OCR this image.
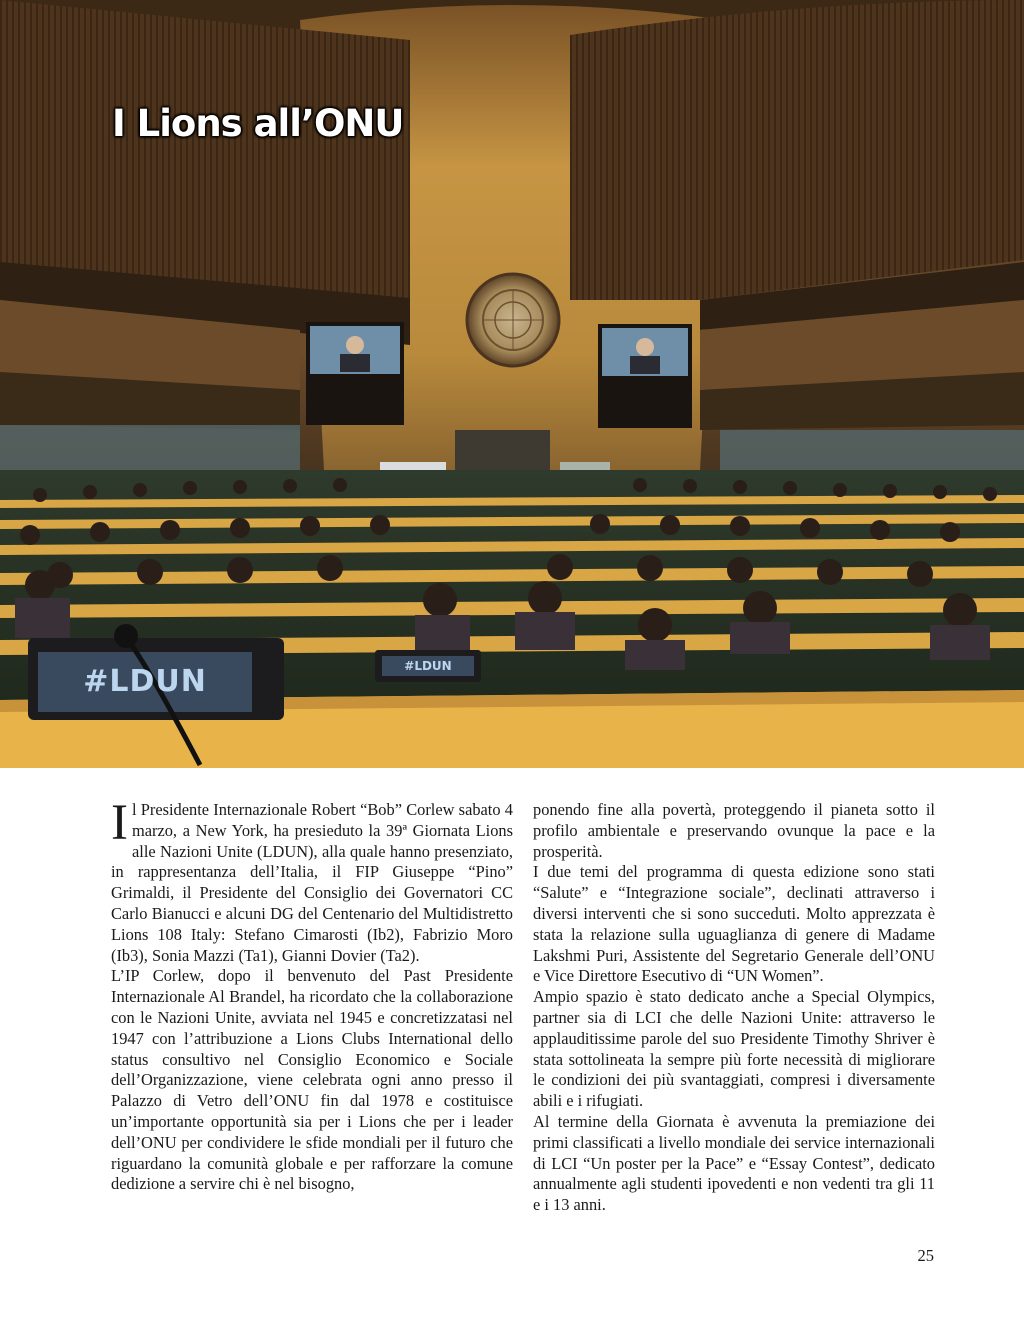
#LDUN	#LDUN
I Lions all’ONU

Il Presidente Internazionale Robert “Bob” Corlew sabato 4 marzo, a New York, ha presieduto la 39ª Giornata Lions alle Nazioni Unite (LDUN), alla quale hanno presenziato, in rappresentanza dell’Italia, il FIP Giuseppe “Pino” Grimaldi, il Presidente del Consiglio dei Governatori CC Carlo Bianucci e alcuni DG del Centenario del Multidistretto Lions 108 Italy: Stefano Cimarosti (Ib2), Fabrizio Moro (Ib3), Sonia Mazzi (Ta1), Gianni Dovier (Ta2).

L’IP Corlew, dopo il benvenuto del Past Presidente Internazionale Al Brandel, ha ricordato che la collaborazione con le Nazioni Unite, avviata nel 1945 e concretizzatasi nel 1947 con l’attribuzione a Lions Clubs International dello status consultivo nel Consiglio Economico e Sociale dell’Organizzazione, viene celebrata ogni anno presso il Palazzo di Vetro dell’ONU fin dal 1978 e costituisce un’importante opportunità sia per i Lions che per i leader dell’ONU per condividere le sfide mondiali per il futuro che riguardano la comunità globale e per rafforzare la comune dedizione a servire chi è nel bisogno,

ponendo fine alla povertà, proteggendo il pianeta sotto il profilo ambientale e preservando ovunque la pace e la prosperità.

I due temi del programma di questa edizione sono stati “Salute” e “Integrazione sociale”, declinati attraverso i diversi interventi che si sono succeduti. Molto apprezzata è stata la relazione sulla uguaglianza di genere di Madame Lakshmi Puri, Assistente del Segretario Generale dell’ONU e Vice Direttore Esecutivo di “UN Women”.

Ampio spazio è stato dedicato anche a Special Olympics, partner sia di LCI che delle Nazioni Unite: attraverso le applauditissime parole del suo Presidente Timothy Shriver è stata sottolineata la sempre più forte necessità di migliorare le condizioni dei più svantaggiati, compresi i diversamente abili e i rifugiati.

Al termine della Giornata è avvenuta la premiazione dei primi classificati a livello mondiale dei service internazionali di LCI “Un poster per la Pace” e “Essay Contest”, dedicato annualmente agli studenti ipovedenti e non vedenti tra gli 11 e i 13 anni.

25
